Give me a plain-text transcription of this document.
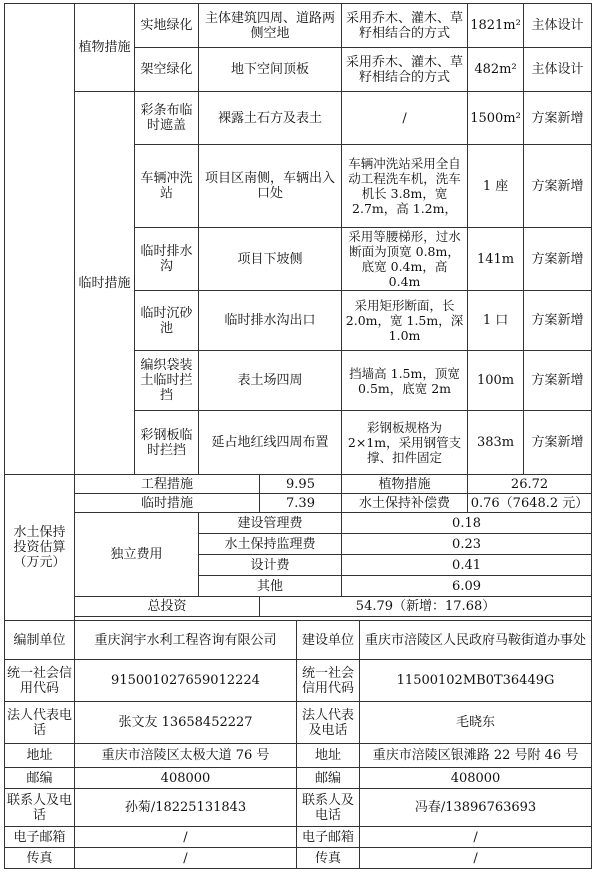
	植物措施	实地绿化	主体建筑四周、道路两侧空地			采用乔木、灌木、草籽相结合的方式		1821m²	主体设计
		架空绿化	地下空间顶板			采用乔木、灌木、草籽相结合的方式		482m²	主体设计
	临时措施	彩条布临时遮盖	裸露土石方及表土			/		1500m²	方案新增
		车辆冲洗站	项目区南侧，车辆出入口处			车辆冲洗站采用全自动工程洗车机，洗车机长 3.8m，宽 2.7m，高 1.2m，		1 座	方案新增
		临时排水沟	项目下坡侧			采用等腰梯形，过水断面为顶宽 0.8m，底宽 0.4m，高 0.4m		141m	方案新增
		临时沉砂池	临时排水沟出口			采用矩形断面，长 2.0m，宽 1.5m，深 1.0m		1 口	方案新增
		编织袋装土临时拦挡	表土场四周			挡墙高 1.5m，顶宽 0.5m，底宽 2m		100m	方案新增
		彩钢板临时拦挡	延占地红线四周布置			彩钢板规格为 2×1m，采用钢管支撑、扣件固定		383m	方案新增
水土保持投资估算（万元）	工程措施			9.95		植物措施		26.72	
	临时措施			7.39		水土保持补偿费		0.76（7648.2 元）	
	独立费用		建设管理费			0.18			
			水土保持监理费			0.23			
			设计费			0.41			
			其他			6.09			
	总投资			54.79（新增：17.68）					

编制单位	重庆润宇水利工程咨询有限公司				建设单位		重庆市涪陵区人民政府马鞍街道办事处		
统一社会信用代码	915001027659012224				统一社会信用代码		11500102MB0T36449G		
法人代表电话	张文友 13658452227				法人代表及电话		毛晓东		
地址	重庆市涪陵区太极大道 76 号				地址		重庆市涪陵区银滩路 22 号附 46 号		
邮编	408000				邮编		408000		
联系人及电话	孙菊/18225131843				联系人及电话		冯春/13896763693		
电子邮箱	/				电子邮箱		/		
传真	/				传真		/		
